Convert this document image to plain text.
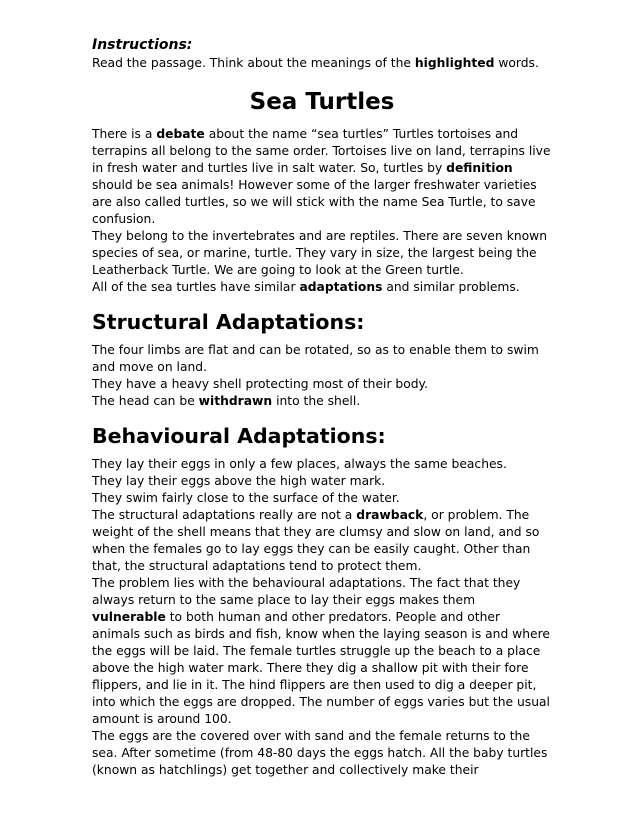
Instructions:

Read the passage. Think about the meanings of the highlighted words.

Sea Turtles

There is a debate about the name “sea turtles” Turtles tortoises and terrapins all belong to the same order. Tortoises live on land, terrapins live in fresh water and turtles live in salt water. So, turtles by definition should be sea animals! However some of the larger freshwater varieties are also called turtles, so we will stick with the name Sea Turtle, to save confusion.

They belong to the invertebrates and are reptiles. There are seven known species of sea, or marine, turtle. They vary in size, the largest being the Leatherback Turtle. We are going to look at the Green turtle.

All of the sea turtles have similar adaptations and similar problems.

Structural Adaptations:

The four limbs are flat and can be rotated, so as to enable them to swim and move on land.

They have a heavy shell protecting most of their body.

The head can be withdrawn into the shell.

Behavioural Adaptations:

They lay their eggs in only a few places, always the same beaches.

They lay their eggs above the high water mark.

They swim fairly close to the surface of the water.

The structural adaptations really are not a drawback, or problem. The weight of the shell means that they are clumsy and slow on land, and so when the females go to lay eggs they can be easily caught. Other than that, the structural adaptations tend to protect them.

The problem lies with the behavioural adaptations. The fact that they always return to the same place to lay their eggs makes them vulnerable to both human and other predators. People and other animals such as birds and fish, know when the laying season is and where the eggs will be laid. The female turtles struggle up the beach to a place above the high water mark. There they dig a shallow pit with their fore flippers, and lie in it. The hind flippers are then used to dig a deeper pit, into which the eggs are dropped. The number of eggs varies but the usual amount is around 100.

The eggs are the covered over with sand and the female returns to the sea. After sometime (from 48-80 days the eggs hatch. All the baby turtles (known as hatchlings) get together and collectively make their
